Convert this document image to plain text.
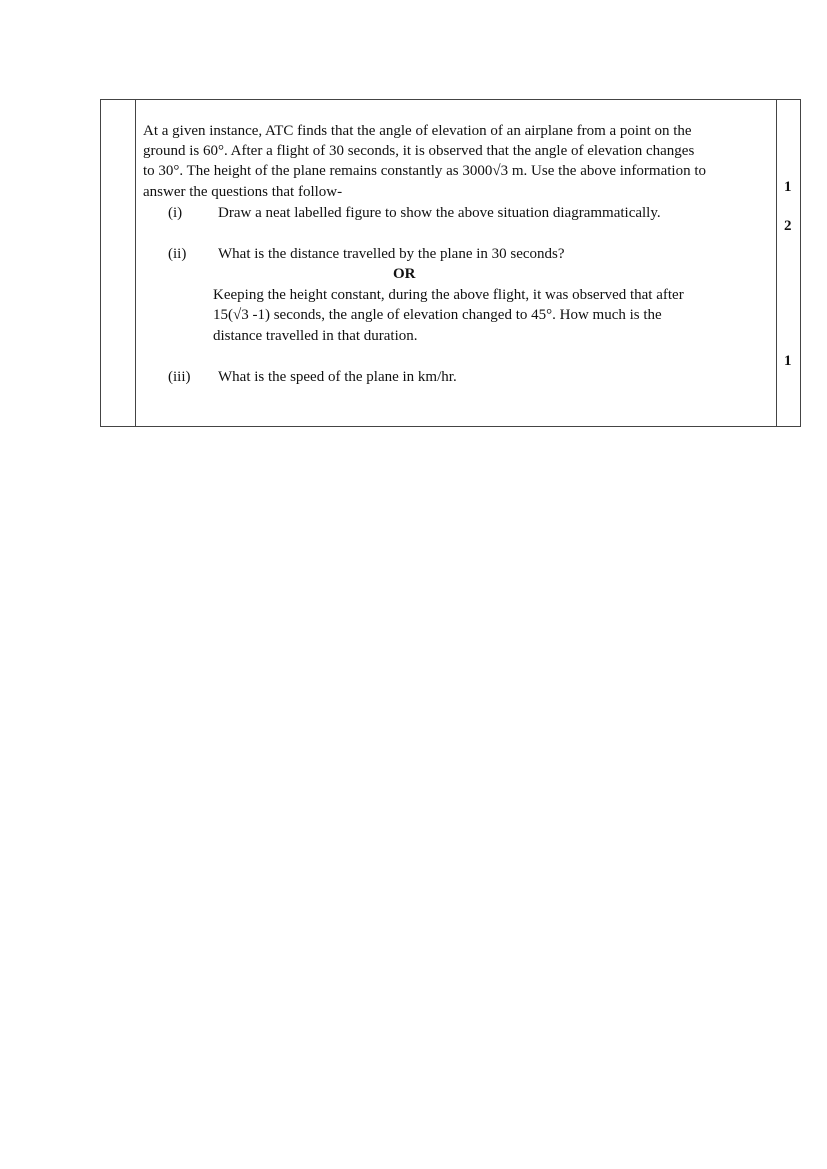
At a given instance, ATC finds that the angle of elevation of an airplane from a point on the
ground is 60°. After a flight of 30 seconds, it is observed that the angle of elevation changes
to 30°. The height of the plane remains constantly as 3000√3 m. Use the above information to
answer the questions that follow-
(i) Draw a neat labelled figure to show the above situation diagrammatically.
(ii) What is the distance travelled by the plane in 30 seconds?
OR
Keeping the height constant, during the above flight, it was observed that after
15(√3 -1) seconds, the angle of elevation changed to 45°. How much is the
distance travelled in that duration.
(iii) What is the speed of the plane in km/hr.
1
2
1
